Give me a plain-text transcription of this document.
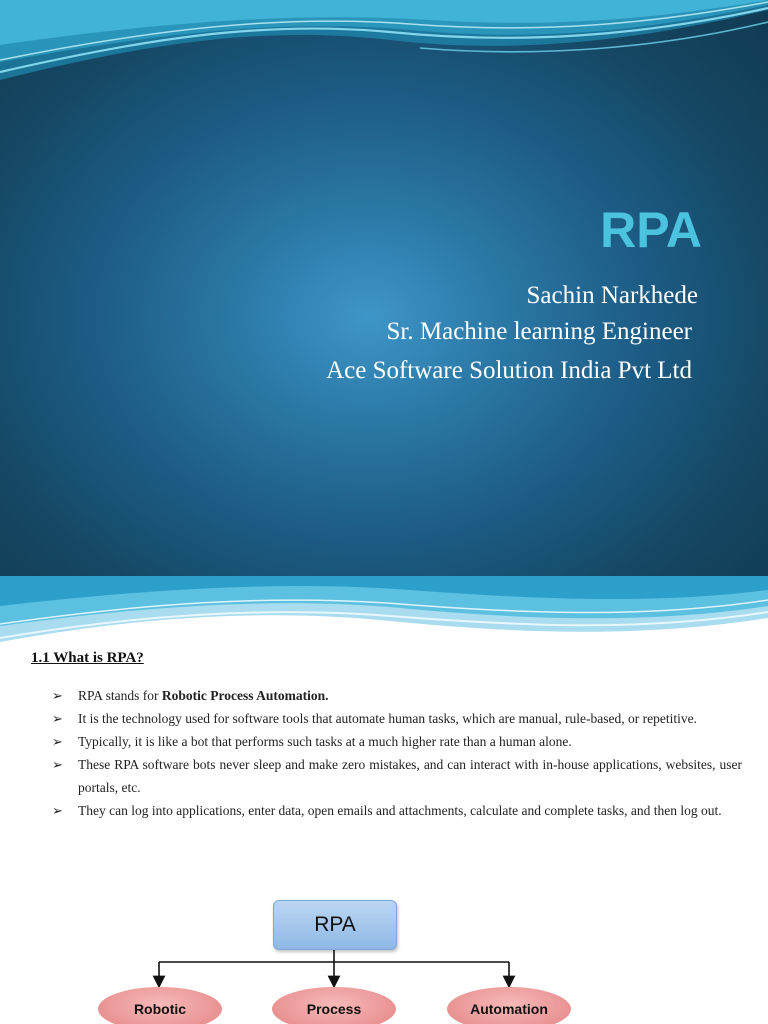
RPA
Sachin Narkhede
Sr. Machine learning Engineer
Ace Software Solution India Pvt Ltd
1.1 What is RPA?
➢ RPA stands for Robotic Process Automation.
➢ It is the technology used for software tools that automate human tasks, which are manual, rule-based, or repetitive.
➢ Typically, it is like a bot that performs such tasks at a much higher rate than a human alone.
➢ These RPA software bots never sleep and make zero mistakes, and can interact with in-house applications, websites, user portals, etc.
➢ They can log into applications, enter data, open emails and attachments, calculate and complete tasks, and then log out.
RPA
Robotic	Process	Automation
